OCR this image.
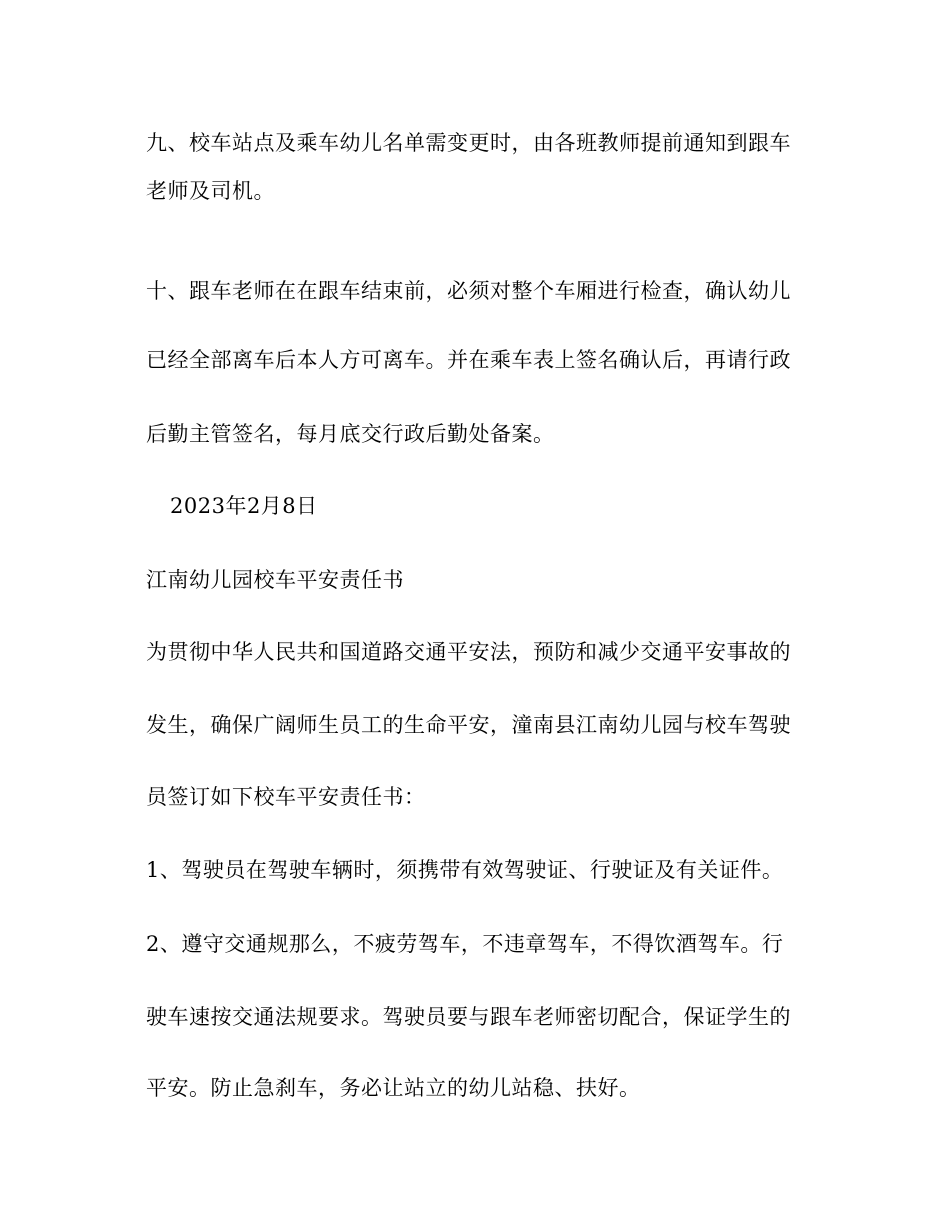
九、校车站点及乘车幼儿名单需变更时，由各班教师提前通知到跟车
老师及司机。
十、跟车老师在在跟车结束前，必须对整个车厢进行检查，确认幼儿
已经全部离车后本人方可离车。并在乘车表上签名确认后，再请行政
后勤主管签名，每月底交行政后勤处备案。
2023年2月8日
江南幼儿园校车平安责任书
为贯彻中华人民共和国道路交通平安法，预防和减少交通平安事故的
发生，确保广阔师生员工的生命平安，潼南县江南幼儿园与校车驾驶
员签订如下校车平安责任书：
1、驾驶员在驾驶车辆时，须携带有效驾驶证、行驶证及有关证件。
2、遵守交通规那么，不疲劳驾车，不违章驾车，不得饮酒驾车。行
驶车速按交通法规要求。驾驶员要与跟车老师密切配合，保证学生的
平安。防止急刹车，务必让站立的幼儿站稳、扶好。
